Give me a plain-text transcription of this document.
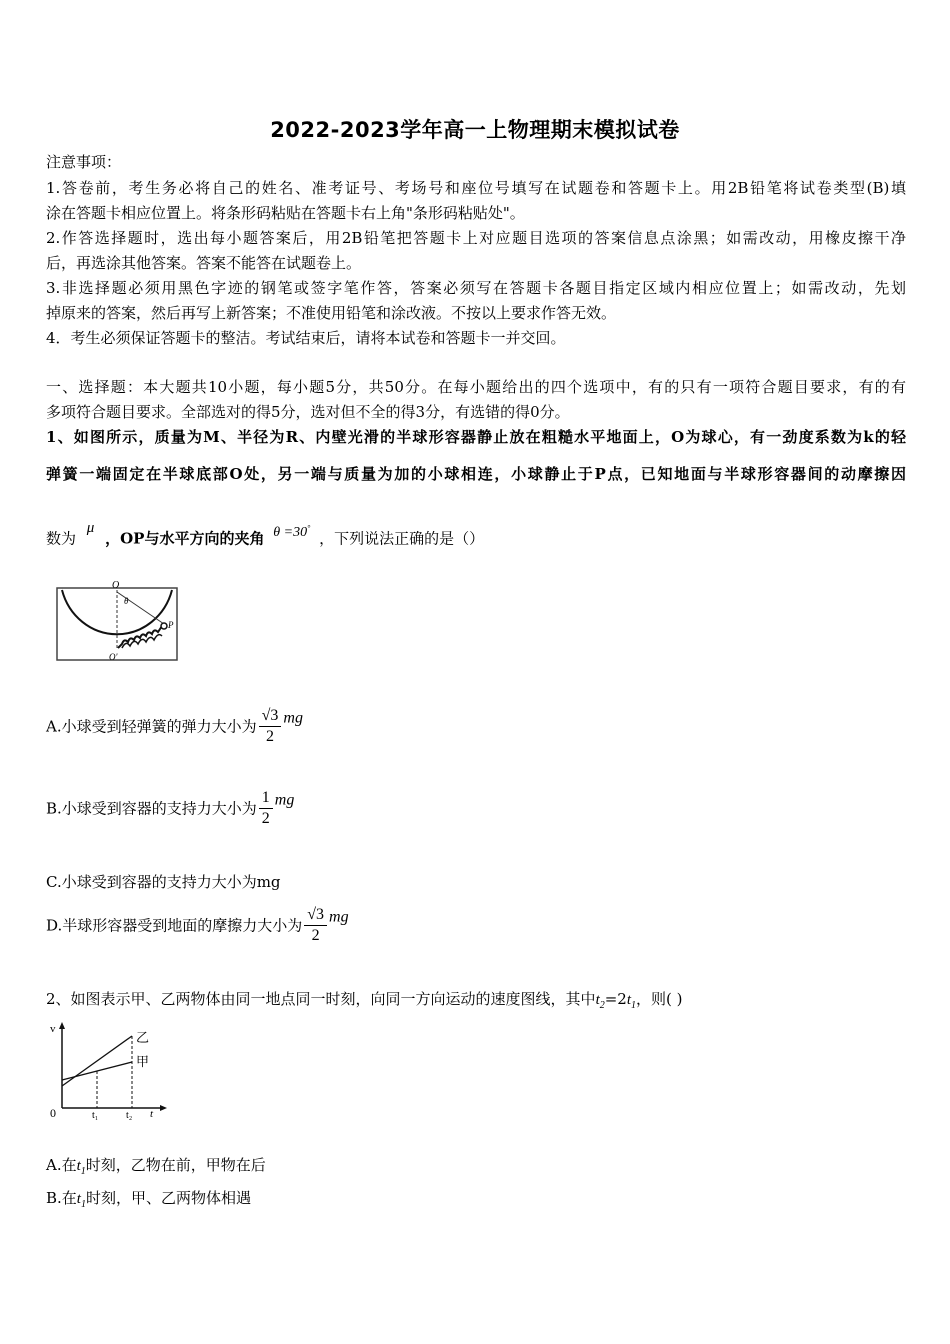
2022-2023学年高一上物理期末模拟试卷
注意事项：
1.答卷前，考生务必将自己的姓名、准考证号、考场号和座位号填写在试题卷和答题卡上。用2B铅笔将试卷类型(B)填
涂在答题卡相应位置上。将条形码粘贴在答题卡右上角"条形码粘贴处"。
2.作答选择题时，选出每小题答案后，用2B铅笔把答题卡上对应题目选项的答案信息点涂黑；如需改动，用橡皮擦干净
后，再选涂其他答案。答案不能答在试题卷上。
3.非选择题必须用黑色字迹的钢笔或签字笔作答，答案必须写在答题卡各题目指定区域内相应位置上；如需改动，先划
掉原来的答案，然后再写上新答案；不准使用铅笔和涂改液。不按以上要求作答无效。
4．考生必须保证答题卡的整洁。考试结束后，请将本试卷和答题卡一并交回。
一、选择题：本大题共10小题，每小题5分，共50分。在每小题给出的四个选项中，有的只有一项符合题目要求，有的有
多项符合题目要求。全部选对的得5分，选对但不全的得3分，有选错的得0分。
1、如图所示，质量为M、半径为R、内壁光滑的半球形容器静止放在粗糙水平地面上，O为球心，有一劲度系数为k的轻
弹簧一端固定在半球底部O处，另一端与质量为加的小球相连，小球静止于P点，已知地面与半球形容器间的动摩擦因
数为 μ ，OP与水平方向的夹角 θ =30° ，下列说法正确的是（）
O
θ
P
O'
A.小球受到轻弹簧的弹力大小为 $\frac{√3}{2}$ mg
B.小球受到容器的支持力大小为 $\frac{1}{2}$ mg
C.小球受到容器的支持力大小为mg
D.半球形容器受到地面的摩擦力大小为 $\frac{√3}{2}$ mg
2、如图表示甲、乙两物体由同一地点同一时刻，向同一方向运动的速度图线，其中$t_2=2t_1$，则( )
v
0	t
t₁	t₂
乙
甲
A.在$t_1$时刻，乙物在前，甲物在后
B.在$t_1$时刻，甲、乙两物体相遇
